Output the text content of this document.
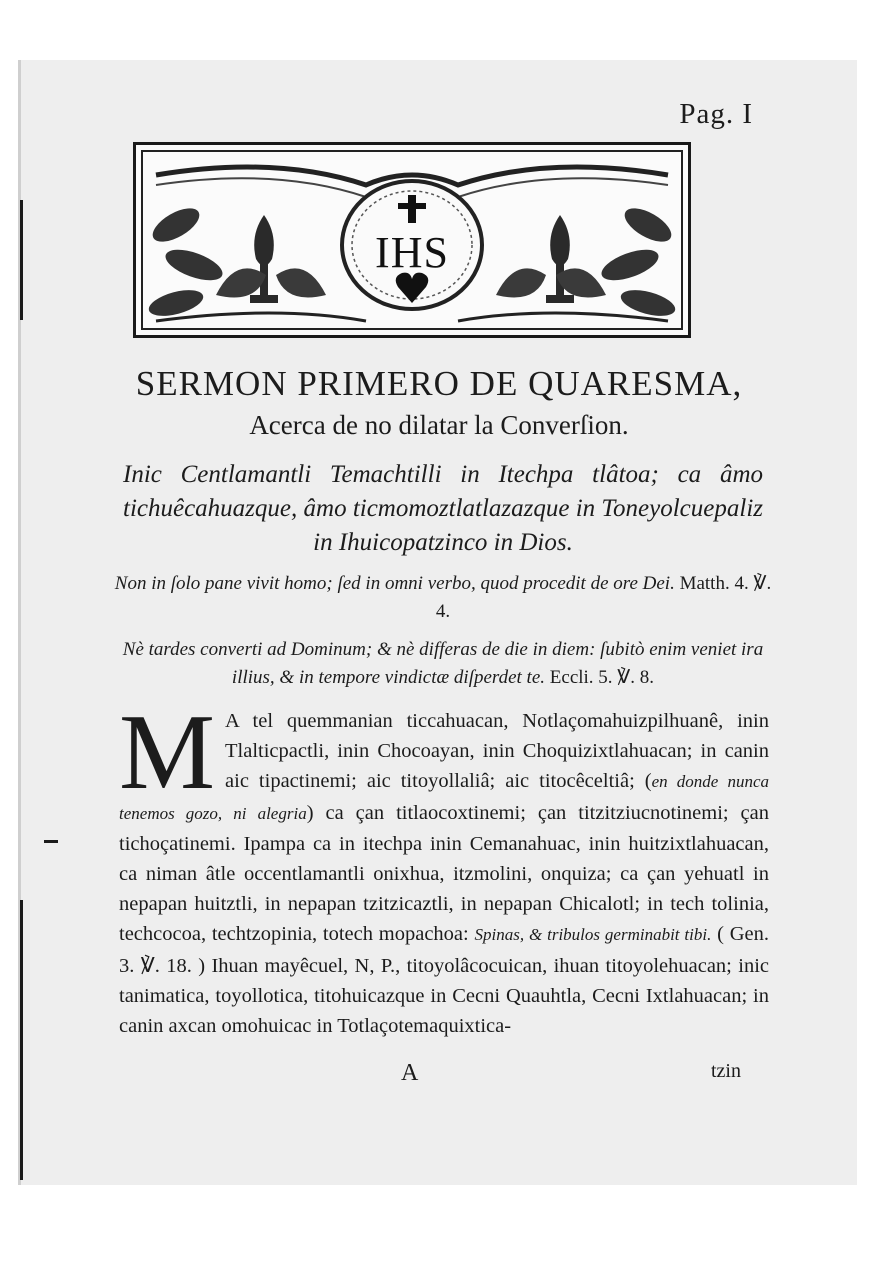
Pag. I
IHS
SERMON PRIMERO DE QUARESMA,
Acerca de no dilatar la Converſion.
Inic Centlamantli Temachtilli in Itechpa tlâtoa; ca âmo tichuêcahuazque, âmo ticmomoztlatlazazque in Toneyolcuepaliz in Ihuicopatzinco in Dios.
Non in ſolo pane vivit homo; ſed in omni verbo, quod procedit de ore Dei. Matth. 4. ℣. 4.
Nè tardes converti ad Dominum; & nè differas de die in diem: ſubitò enim veniet ira illius, & in tempore vindictæ diſperdet te. Eccli. 5. ℣. 8.
M A tel quemmanian ticcahuacan, Notlaçomahuizpilhuanê, inin Tlalticpactli, inin Chocoayan, inin Choquizixtlahuacan; in canin aic tipactinemi; aic titoyollaliâ; aic titocêceltiâ; (en donde nunca tenemos gozo, ni alegria) ca çan titlaocoxtinemi; çan titzitziucnotinemi; çan tichoçatinemi. Ipampa ca in itechpa inin Cemanahuac, inin huitzixtlahuacan, ca niman âtle occentlamantli onixhua, itzmolini, onquiza; ca çan yehuatl in nepapan huitztli, in nepapan tzitzicaztli, in nepapan Chicalotl; in tech tolinia, techcocoa, techtzopinia, totech mopachoa: Spinas, & tribulos germinabit tibi. ( Gen. 3. ℣. 18. ) Ihuan mayêcuel, N, P., titoyolâcocuican, ihuan titoyolehuacan; inic tanimatica, toyollotica, titohuicazque in Cecni Quauhtla, Cecni Ixtlahuacan; in canin axcan omohuicac in Totlaçotemaquixtica-
A	tzin
